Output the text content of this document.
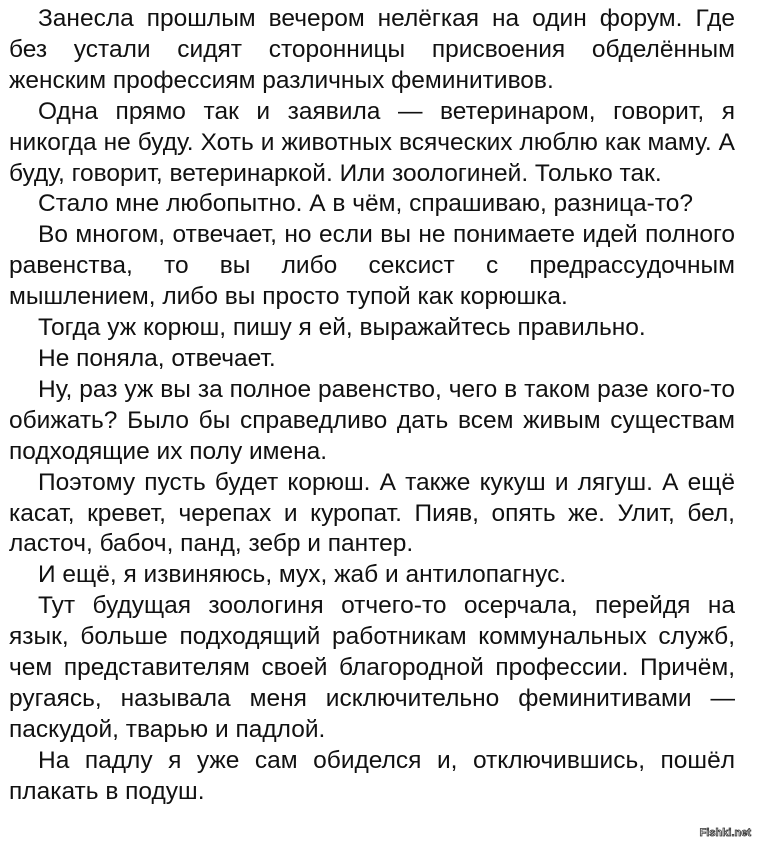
Занесла прошлым вечером нелёгкая на один форум. Где без устали сидят сторонницы присвоения обделённым женским профессиям различных феминитивов.

Одна прямо так и заявила — ветеринаром, говорит, я никогда не буду. Хоть и животных всяческих люблю как маму. А буду, говорит, ветеринаркой. Или зоологиней. Только так.

Стало мне любопытно. А в чём, спрашиваю, разница-то?

Во многом, отвечает, но если вы не понимаете идей полного равенства, то вы либо сексист с предрассудочным мышлением, либо вы просто тупой как корюшка.

Тогда уж корюш, пишу я ей, выражайтесь правильно.

Не поняла, отвечает.

Ну, раз уж вы за полное равенство, чего в таком разе кого-то обижать? Было бы справедливо дать всем живым существам подходящие их полу имена.

Поэтому пусть будет корюш. А также кукуш и лягуш. А ещё касат, кревет, черепах и куропат. Пияв, опять же. Улит, бел, ласточ, бабоч, панд, зебр и пантер.

И ещё, я извиняюсь, мух, жаб и антилопагнус.

Тут будущая зоологиня отчего-то осерчала, перейдя на язык, больше подходящий работникам коммунальных служб, чем представителям своей благородной профессии. Причём, ругаясь, называла меня исключительно феминитивами — паскудой, тварью и падлой.

На падлу я уже сам обиделся и, отключившись, пошёл плакать в подуш.

Fishki.net
